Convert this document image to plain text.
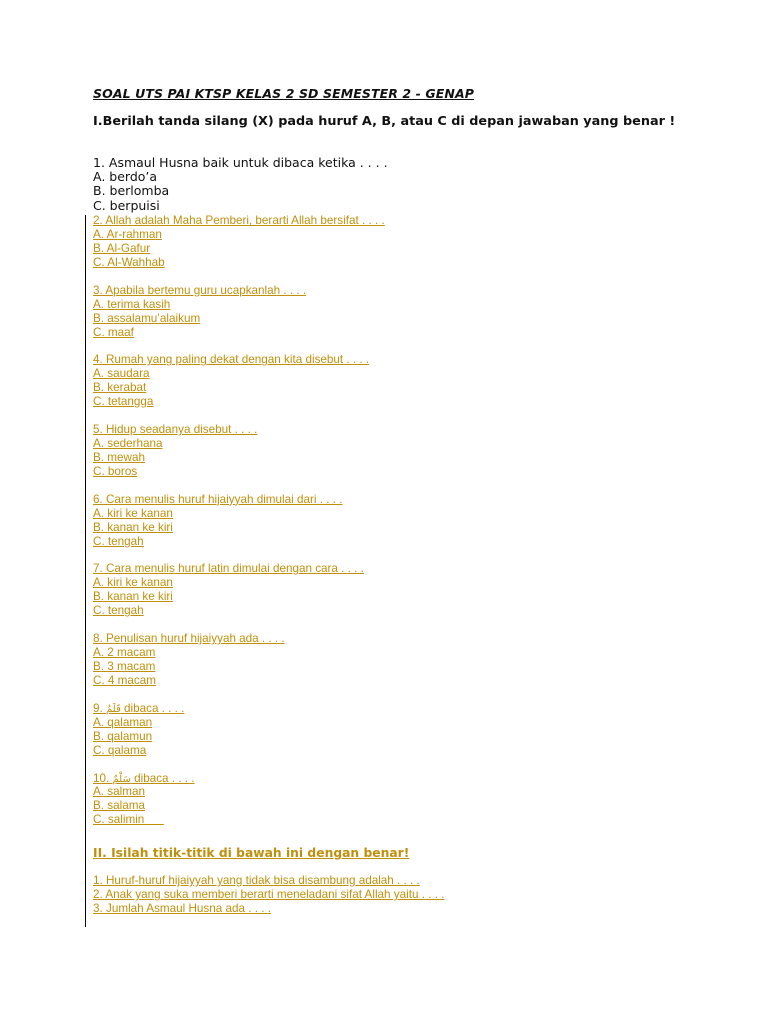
SOAL UTS PAI KTSP KELAS 2 SD SEMESTER 2 - GENAP
I.Berilah tanda silang (X) pada huruf A, B, atau C di depan jawaban yang benar !
1. Asmaul Husna baik untuk dibaca ketika . . . .
A. berdo’a
B. berlomba
C. berpuisi
2. Allah adalah Maha Pemberi, berarti Allah bersifat . . . .
A. Ar-rahman
B. Al-Gafur
C. Al-Wahhab
3. Apabila bertemu guru ucapkanlah . . . .
A. terima kasih
B. assalamu’alaikum
C. maaf
4. Rumah yang paling dekat dengan kita disebut . . . .
A. saudara
B. kerabat
C. tetangga
5. Hidup seadanya disebut . . . .
A. sederhana
B. mewah
C. boros
6. Cara menulis huruf hijaiyyah dimulai dari . . . .
A. kiri ke kanan
B. kanan ke kiri
C. tengah
7. Cara menulis huruf latin dimulai dengan cara . . . .
A. kiri ke kanan
B. kanan ke kiri
C. tengah
8. Penulisan huruf hijaiyyah ada . . . .
A. 2 macam
B. 3 macam
C. 4 macam
9. قَلَمٌ dibaca . . . .
A. qalaman
B. qalamun
C. qalama
10. سَلْمٌ dibaca . . . .
A. salman
B. salama
C. salimin
II. Isilah titik-titik di bawah ini dengan benar!
1. Huruf-huruf hijaiyyah yang tidak bisa disambung adalah . . . .
2. Anak yang suka memberi berarti meneladani sifat Allah yaitu . . . .
3. Jumlah Asmaul Husna ada . . . .
